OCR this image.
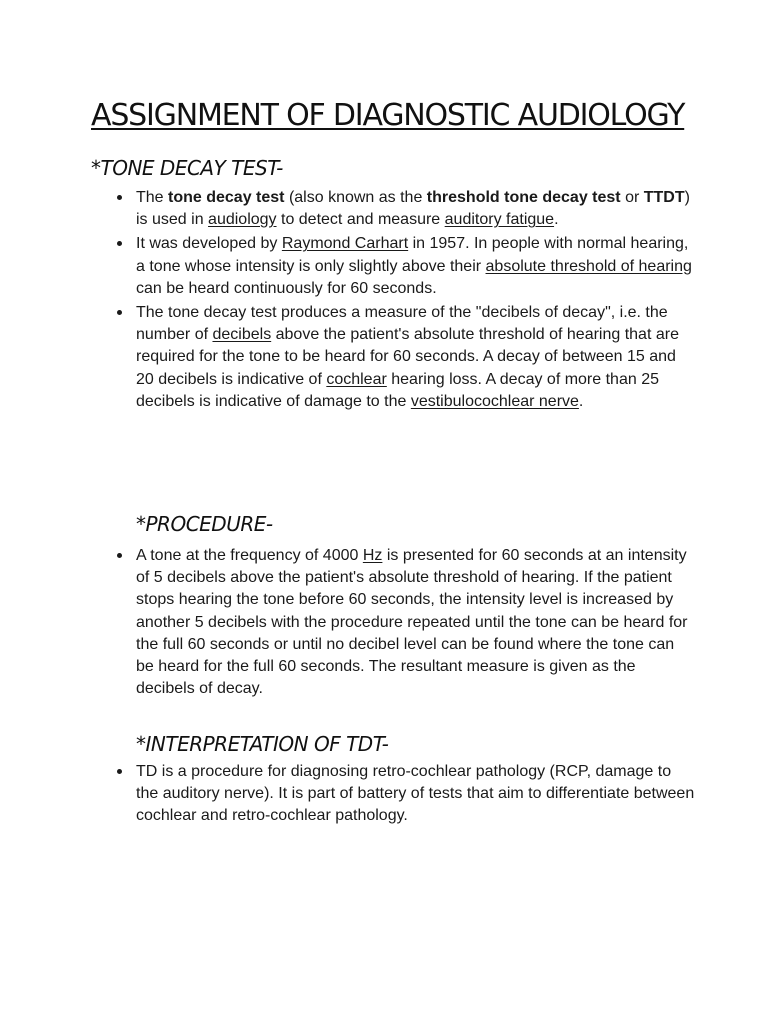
ASSIGNMENT OF DIAGNOSTIC AUDIOLOGY
*TONE DECAY TEST-
The tone decay test (also known as the threshold tone decay test or TTDT) is used in audiology to detect and measure auditory fatigue.
It was developed by Raymond Carhart in 1957. In people with normal hearing, a tone whose intensity is only slightly above their absolute threshold of hearing can be heard continuously for 60 seconds.
The tone decay test produces a measure of the "decibels of decay", i.e. the number of decibels above the patient's absolute threshold of hearing that are required for the tone to be heard for 60 seconds. A decay of between 15 and 20 decibels is indicative of cochlear hearing loss. A decay of more than 25 decibels is indicative of damage to the vestibulocochlear nerve.
*PROCEDURE-
A tone at the frequency of 4000 Hz is presented for 60 seconds at an intensity of 5 decibels above the patient's absolute threshold of hearing. If the patient stops hearing the tone before 60 seconds, the intensity level is increased by another 5 decibels with the procedure repeated until the tone can be heard for the full 60 seconds or until no decibel level can be found where the tone can be heard for the full 60 seconds. The resultant measure is given as the decibels of decay.
*INTERPRETATION OF TDT-
TD is a procedure for diagnosing retro-cochlear pathology (RCP, damage to the auditory nerve). It is part of battery of tests that aim to differentiate between cochlear and retro-cochlear pathology.
